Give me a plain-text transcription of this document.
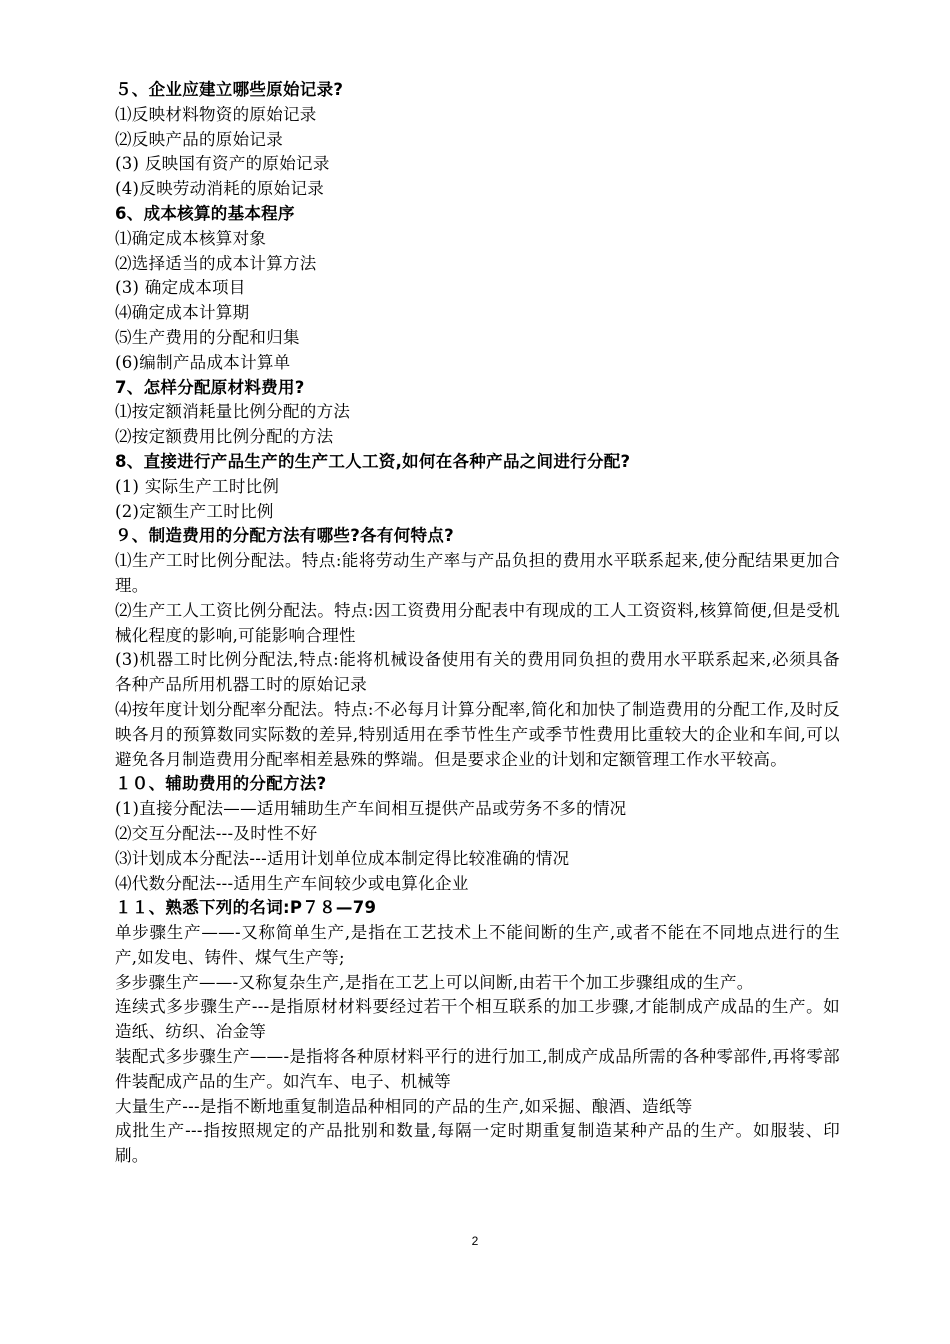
５、企业应建立哪些原始记录?
⑴反映材料物资的原始记录
⑵反映产品的原始记录
(3) 反映国有资产的原始记录
(4)反映劳动消耗的原始记录
6、成本核算的基本程序
⑴确定成本核算对象
⑵选择适当的成本计算方法
(3) 确定成本项目
⑷确定成本计算期
⑸生产费用的分配和归集
(6)编制产品成本计算单
7、怎样分配原材料费用?
⑴按定额消耗量比例分配的方法
⑵按定额费用比例分配的方法
8、直接进行产品生产的生产工人工资,如何在各种产品之间进行分配?
(1) 实际生产工时比例
(2)定额生产工时比例
９、制造费用的分配方法有哪些?各有何特点?
⑴生产工时比例分配法。特点:能将劳动生产率与产品负担的费用水平联系起来,使分配结果更加合理。
⑵生产工人工资比例分配法。特点:因工资费用分配表中有现成的工人工资资料,核算简便,但是受机械化程度的影响,可能影响合理性
(3)机器工时比例分配法,特点:能将机械设备使用有关的费用同负担的费用水平联系起来,必须具备各种产品所用机器工时的原始记录
⑷按年度计划分配率分配法。特点:不必每月计算分配率,简化和加快了制造费用的分配工作,及时反映各月的预算数同实际数的差异,特别适用在季节性生产或季节性费用比重较大的企业和车间,可以避免各月制造费用分配率相差悬殊的弊端。但是要求企业的计划和定额管理工作水平较高。
１０、辅助费用的分配方法?
(1)直接分配法——适用辅助生产车间相互提供产品或劳务不多的情况
⑵交互分配法---及时性不好
⑶计划成本分配法---适用计划单位成本制定得比较准确的情况
⑷代数分配法---适用生产车间较少或电算化企业
１１、熟悉下列的名词:P７８—79
单步骤生产——-又称简单生产,是指在工艺技术上不能间断的生产,或者不能在不同地点进行的生产,如发电、铸件、煤气生产等;
多步骤生产——-又称复杂生产,是指在工艺上可以间断,由若干个加工步骤组成的生产。
连续式多步骤生产---是指原材材料要经过若干个相互联系的加工步骤,才能制成产成品的生产。如造纸、纺织、冶金等
装配式多步骤生产——-是指将各种原材料平行的进行加工,制成产成品所需的各种零部件,再将零部件装配成产品的生产。如汽车、电子、机械等
大量生产---是指不断地重复制造品种相同的产品的生产,如采掘、酿酒、造纸等
成批生产---指按照规定的产品批别和数量,每隔一定时期重复制造某种产品的生产。如服装、印刷。
2
